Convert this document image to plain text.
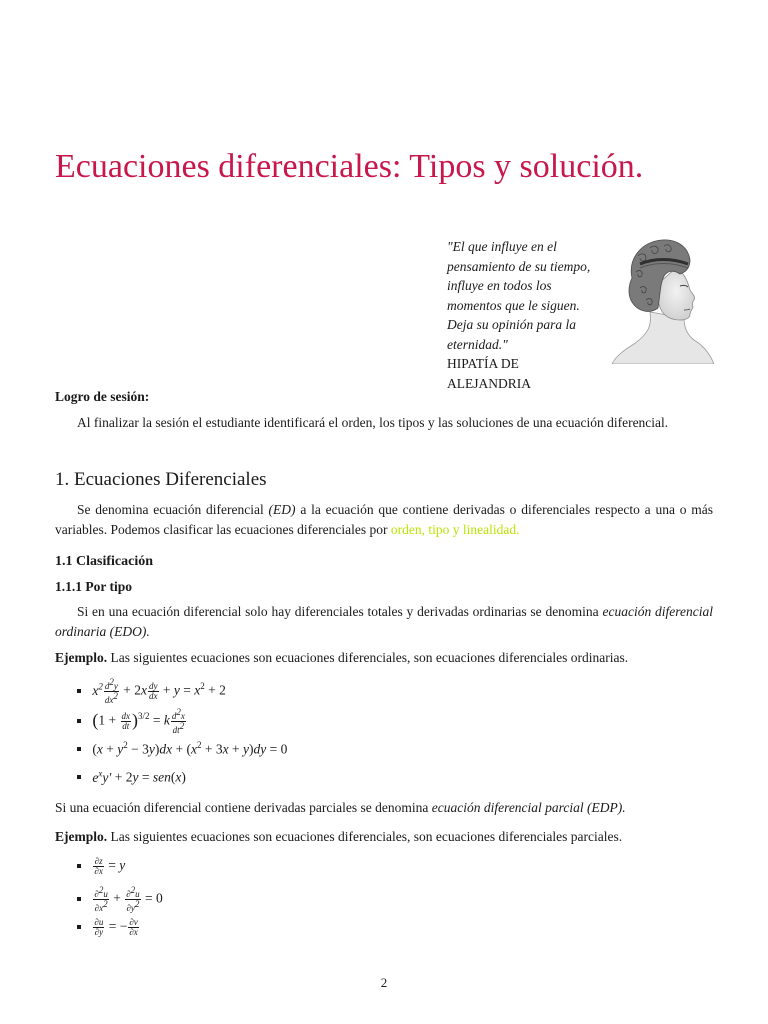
Ecuaciones diferenciales: Tipos y solución.
"El que influye en el pensamiento de su tiempo, influye en todos los momentos que le siguen. Deja su opinión para la eternidad."
HIPATÍA DE
ALEJANDRIA
Logro de sesión:

Al finalizar la sesión el estudiante identificará el orden, los tipos y las soluciones de una ecuación diferencial.

1. Ecuaciones Diferenciales

Se denomina ecuación diferencial (ED) a la ecuación que contiene derivadas o diferenciales respecto a una o más variables. Podemos clasificar las ecuaciones diferenciales por orden, tipo y linealidad.

1.1 Clasificación
1.1.1 Por tipo

Si en una ecuación diferencial solo hay diferenciales totales y derivadas ordinarias se denomina ecuación diferencial ordinaria (EDO).

Ejemplo. Las siguientes ecuaciones son ecuaciones diferenciales, son ecuaciones diferenciales ordinarias.

$x^2 \frac{d^2y}{dx^2} + 2x \frac{dy}{dx} + y = x^2 + 2$
$(1 + \frac{dx}{dt} )^{3/2} = k \frac{d^2x}{dt^2}$
$(x + y^2 - 3y)dx + (x^2 + 3x + y)dy = 0$
$e^xy' + 2y = sen(x)$

Si una ecuación diferencial contiene derivadas parciales se denomina ecuación diferencial parcial (EDP).

Ejemplo. Las siguientes ecuaciones son ecuaciones diferenciales, son ecuaciones diferenciales parciales.

$\frac{\partial z}{\partial x} = y$

$\frac{\partial^2u}{\partial x^2} + \frac{\partial^2u}{\partial y^2} = 0$

$\frac{\partial u}{\partial y}$ = − $\frac{\partial v}{\partial x}$
2
